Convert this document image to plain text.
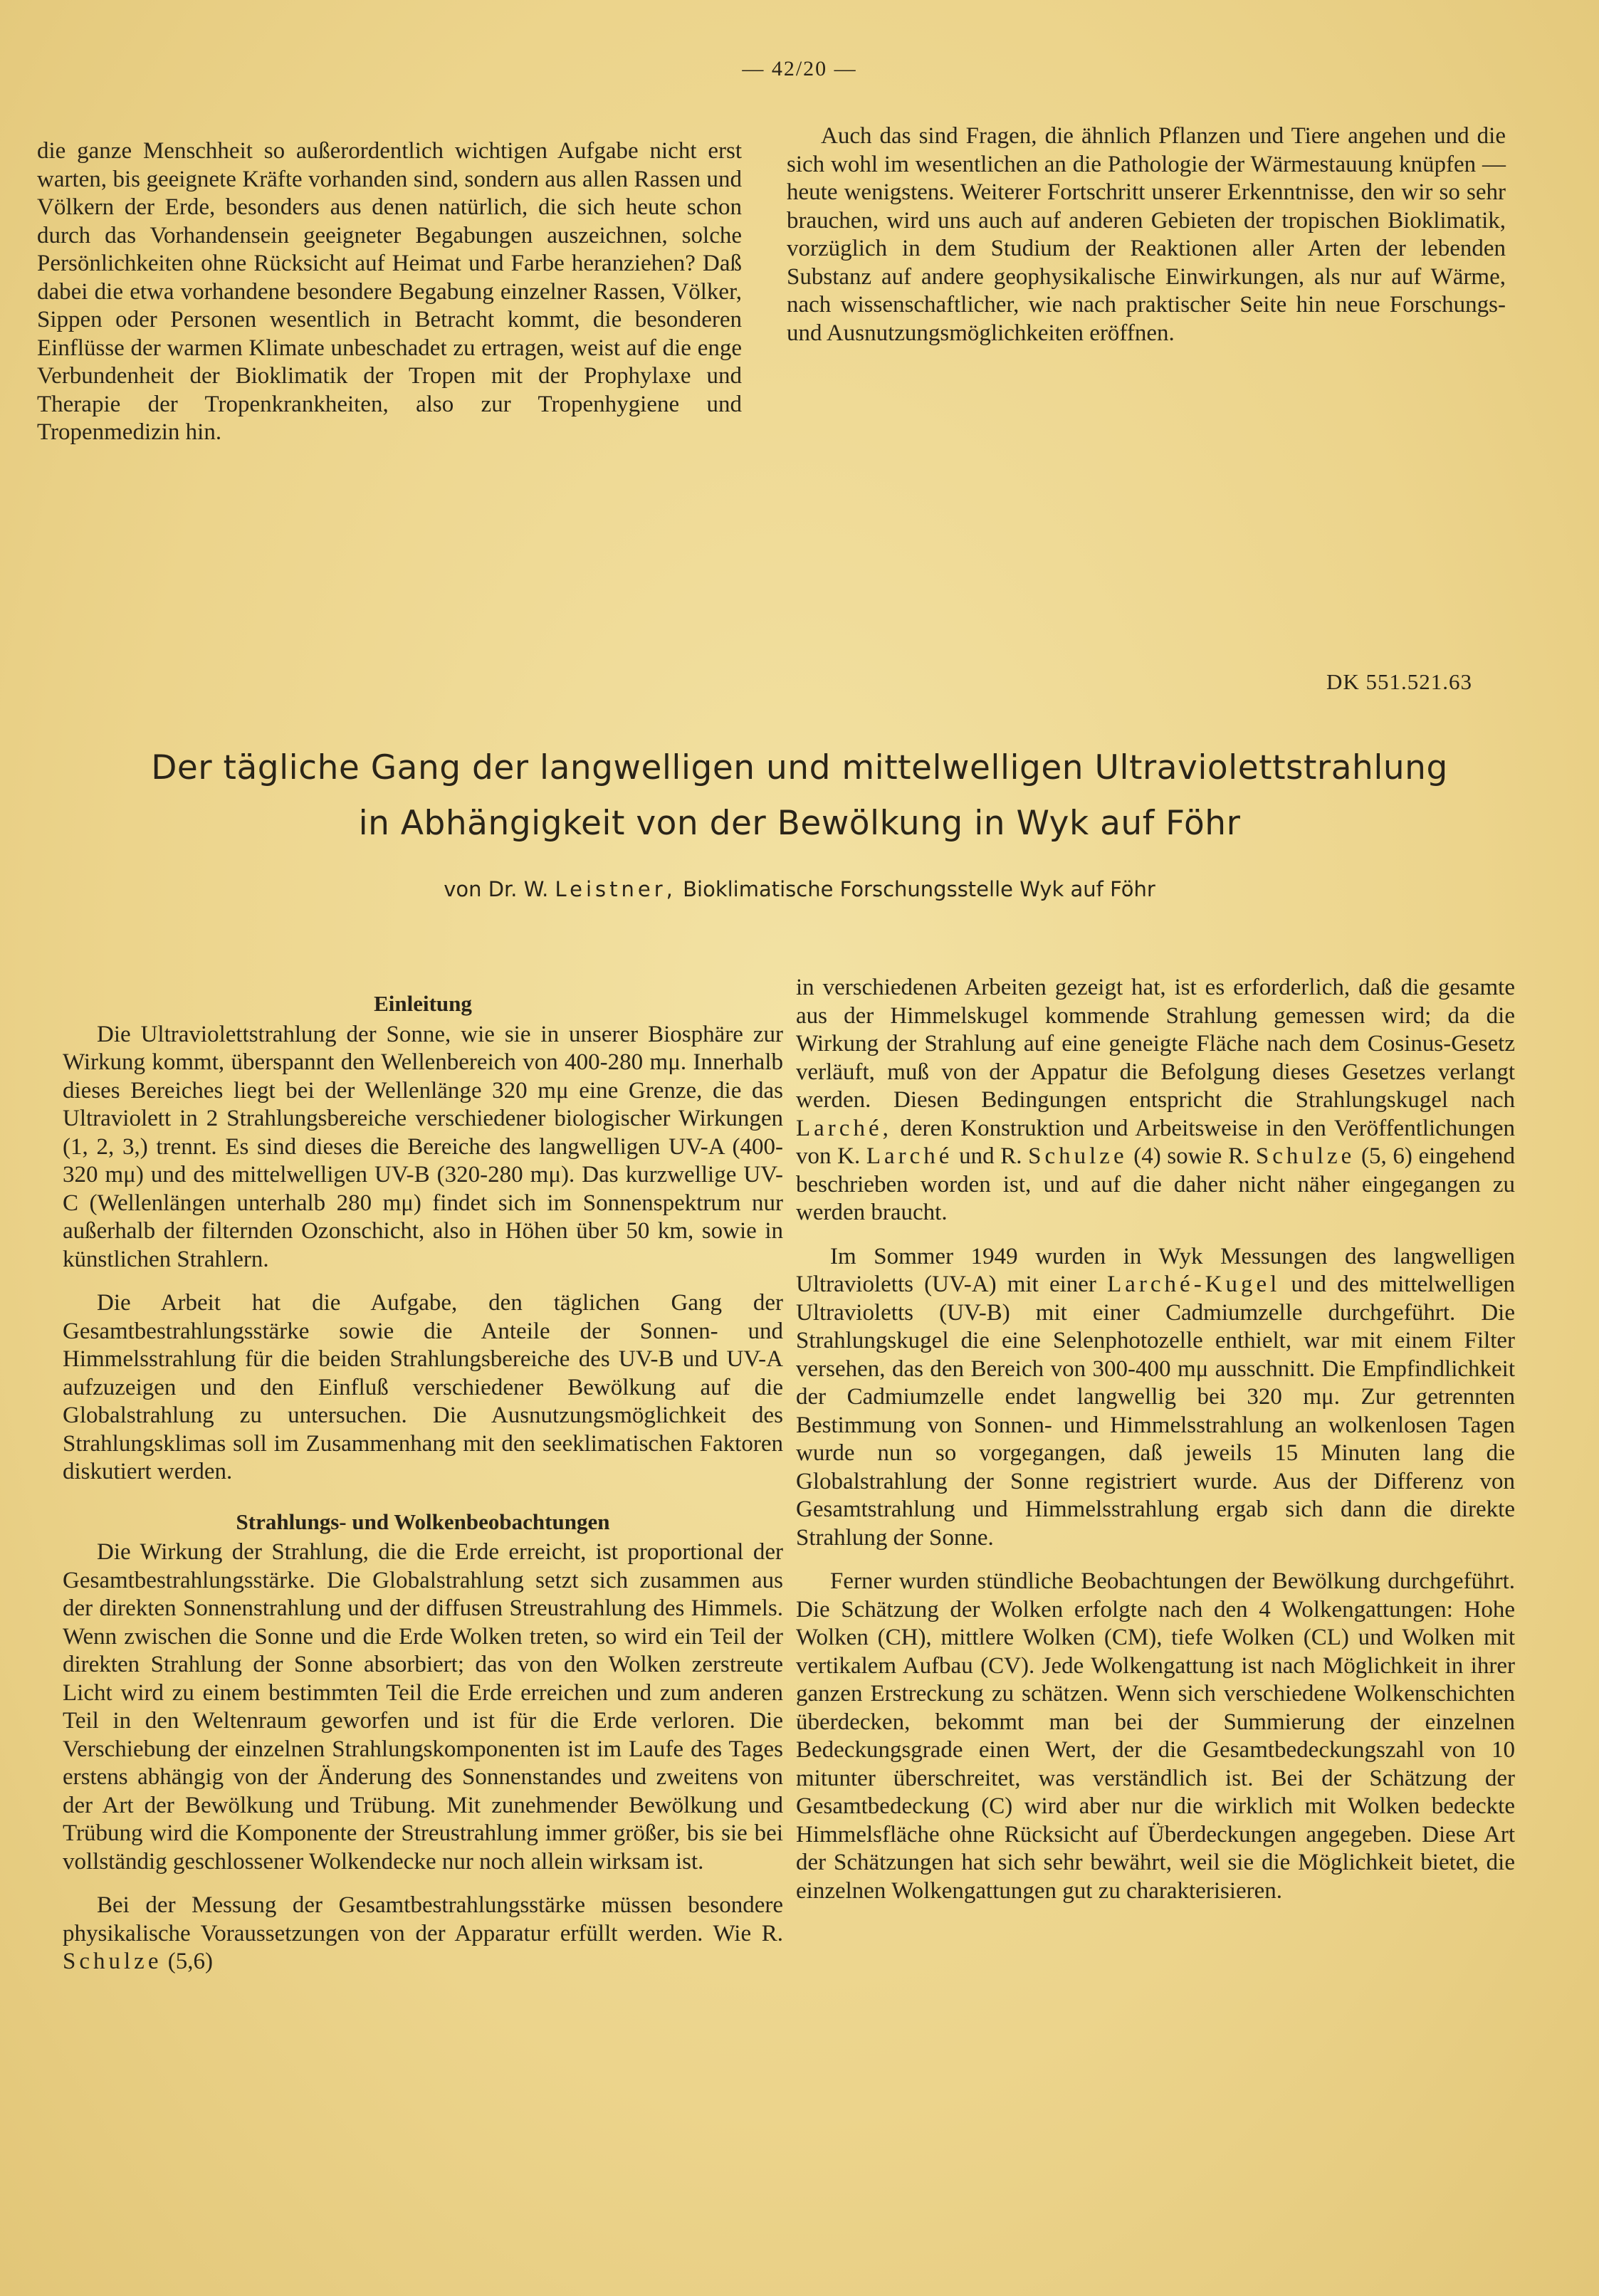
— 42/20 —

die ganze Menschheit so außerordentlich wichtigen Aufgabe nicht erst warten, bis geeignete Kräfte vorhanden sind, sondern aus allen Rassen und Völkern der Erde, besonders aus denen natürlich, die sich heute schon durch das Vorhandensein geeigneter Begabungen auszeichnen, solche Persönlichkeiten ohne Rücksicht auf Heimat und Farbe heranziehen? Daß dabei die etwa vorhandene besondere Begabung einzelner Rassen, Völker, Sippen oder Personen wesentlich in Betracht kommt, die besonderen Einflüsse der warmen Klimate unbeschadet zu ertragen, weist auf die enge Verbundenheit der Bioklimatik der Tropen mit der Prophylaxe und Therapie der Tropenkrankheiten, also zur Tropenhygiene und Tropenmedizin hin.

Auch das sind Fragen, die ähnlich Pflanzen und Tiere angehen und die sich wohl im wesentlichen an die Pathologie der Wärmestauung knüpfen — heute wenigstens. Weiterer Fortschritt unserer Erkenntnisse, den wir so sehr brauchen, wird uns auch auf anderen Gebieten der tropischen Bioklimatik, vorzüglich in dem Studium der Reaktionen aller Arten der lebenden Substanz auf andere geophysikalische Einwirkungen, als nur auf Wärme, nach wissenschaftlicher, wie nach praktischer Seite hin neue Forschungs- und Ausnutzungsmöglichkeiten eröffnen.

DK 551.521.63
Der tägliche Gang der langwelligen und mittelwelligen Ultraviolettstrahlung
in Abhängigkeit von der Bewölkung in Wyk auf Föhr
von Dr. W. Leistner, Bioklimatische Forschungsstelle Wyk auf Föhr
Einleitung

Die Ultraviolettstrahlung der Sonne, wie sie in unserer Biosphäre zur Wirkung kommt, überspannt den Wellenbereich von 400-280 mμ. Innerhalb dieses Bereiches liegt bei der Wellenlänge 320 mμ eine Grenze, die das Ultraviolett in 2 Strahlungsbereiche verschiedener biologischer Wirkungen (1, 2, 3,) trennt. Es sind dieses die Bereiche des langwelligen UV-A (400-320 mμ) und des mittelwelligen UV-B (320-280 mμ). Das kurzwellige UV-C (Wellenlängen unterhalb 280 mμ) findet sich im Sonnenspektrum nur außerhalb der filternden Ozonschicht, also in Höhen über 50 km, sowie in künstlichen Strahlern.

Die Arbeit hat die Aufgabe, den täglichen Gang der Gesamtbestrahlungsstärke sowie die Anteile der Sonnen- und Himmelsstrahlung für die beiden Strahlungsbereiche des UV-B und UV-A aufzuzeigen und den Einfluß verschiedener Bewölkung auf die Globalstrahlung zu untersuchen. Die Ausnutzungsmöglichkeit des Strahlungsklimas soll im Zusammenhang mit den seeklimatischen Faktoren diskutiert werden.

Strahlungs- und Wolkenbeobachtungen

Die Wirkung der Strahlung, die die Erde erreicht, ist proportional der Gesamtbestrahlungsstärke. Die Globalstrahlung setzt sich zusammen aus der direkten Sonnenstrahlung und der diffusen Streustrahlung des Himmels. Wenn zwischen die Sonne und die Erde Wolken treten, so wird ein Teil der direkten Strahlung der Sonne absorbiert; das von den Wolken zerstreute Licht wird zu einem bestimmten Teil die Erde erreichen und zum anderen Teil in den Weltenraum geworfen und ist für die Erde verloren. Die Verschiebung der einzelnen Strahlungskomponenten ist im Laufe des Tages erstens abhängig von der Änderung des Sonnenstandes und zweitens von der Art der Bewölkung und Trübung. Mit zunehmender Bewölkung und Trübung wird die Komponente der Streustrahlung immer größer, bis sie bei vollständig geschlossener Wolkendecke nur noch allein wirksam ist.

Bei der Messung der Gesamtbestrahlungsstärke müssen besondere physikalische Voraussetzungen von der Apparatur erfüllt werden. Wie R. Schulze (5,6)

in verschiedenen Arbeiten gezeigt hat, ist es erforderlich, daß die gesamte aus der Himmelskugel kommende Strahlung gemessen wird; da die Wirkung der Strahlung auf eine geneigte Fläche nach dem Cosinus-Gesetz verläuft, muß von der Appatur die Befolgung dieses Gesetzes verlangt werden. Diesen Bedingungen entspricht die Strahlungskugel nach Larché, deren Konstruktion und Arbeitsweise in den Veröffentlichungen von K. Larché und R. Schulze (4) sowie R. Schulze (5, 6) eingehend beschrieben worden ist, und auf die daher nicht näher eingegangen zu werden braucht.

Im Sommer 1949 wurden in Wyk Messungen des langwelligen Ultravioletts (UV-A) mit einer Larché-Kugel und des mittelwelligen Ultravioletts (UV-B) mit einer Cadmiumzelle durchgeführt. Die Strahlungskugel die eine Selenphotozelle enthielt, war mit einem Filter versehen, das den Bereich von 300-400 mμ ausschnitt. Die Empfindlichkeit der Cadmiumzelle endet langwellig bei 320 mμ. Zur getrennten Bestimmung von Sonnen- und Himmelsstrahlung an wolkenlosen Tagen wurde nun so vorgegangen, daß jeweils 15 Minuten lang die Globalstrahlung der Sonne registriert wurde. Aus der Differenz von Gesamtstrahlung und Himmelsstrahlung ergab sich dann die direkte Strahlung der Sonne.

Ferner wurden stündliche Beobachtungen der Bewölkung durchgeführt. Die Schätzung der Wolken erfolgte nach den 4 Wolkengattungen: Hohe Wolken (CH), mittlere Wolken (CM), tiefe Wolken (CL) und Wolken mit vertikalem Aufbau (CV). Jede Wolkengattung ist nach Möglichkeit in ihrer ganzen Erstreckung zu schätzen. Wenn sich verschiedene Wolkenschichten überdecken, bekommt man bei der Summierung der einzelnen Bedeckungsgrade einen Wert, der die Gesamtbedeckungszahl von 10 mitunter überschreitet, was verständlich ist. Bei der Schätzung der Gesamtbedeckung (C) wird aber nur die wirklich mit Wolken bedeckte Himmelsfläche ohne Rücksicht auf Überdeckungen angegeben. Diese Art der Schätzungen hat sich sehr bewährt, weil sie die Möglichkeit bietet, die einzelnen Wolkengattungen gut zu charakterisieren.
